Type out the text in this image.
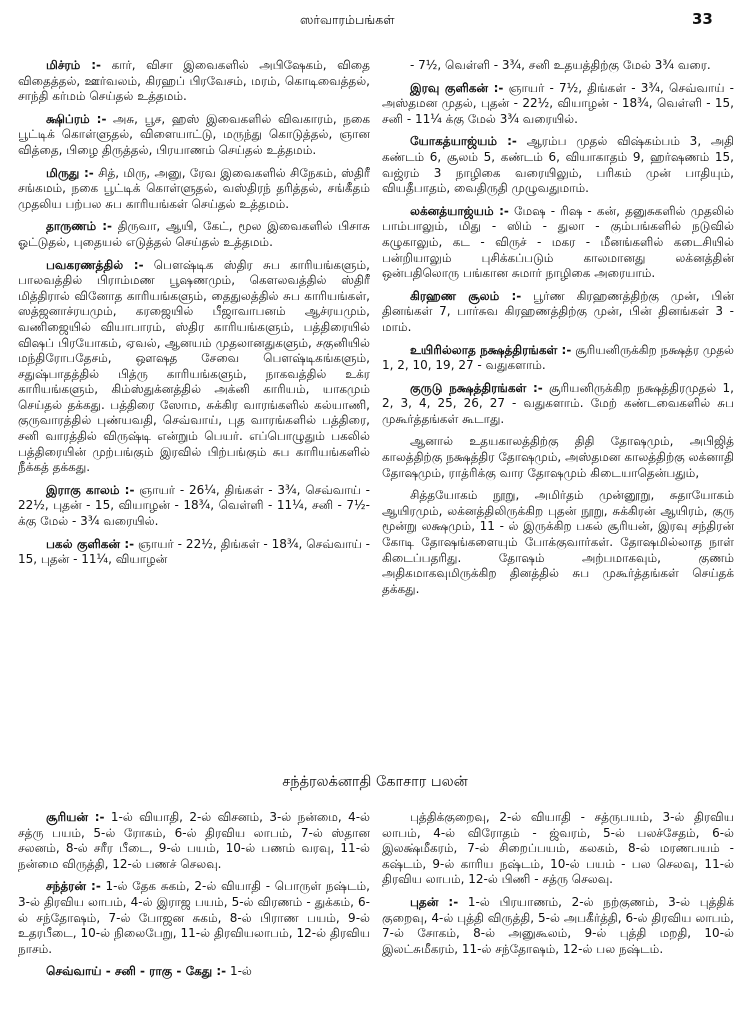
ஸர்வாரம்பங்கள்	33
மிச்ரம் :- கார், விசா இவைகளில் அபிஷேகம், விதை விதைத்தல், ஊர்வலம், கிரஹப் பிரவேசம், மரம், கொடிவைத்தல், சாந்தி கர்மம் செய்தல் உத்தமம்.
க்ஷிப்ரம் :- அசு, பூச, ஹஸ் இவைகளில் விவகாரம், நகை பூட்டிக் கொள்ளுதல், விளையாட்டு, மருந்து கொடுத்தல், ஞான வித்தை, பிழை திருத்தல், பிரயாணம் செய்தல் உத்தமம்.
மிருது :- சித், மிரு, அனு, ரேவ இவைகளில் சிநேகம், ஸ்திரீ சங்கமம், நகை பூட்டிக் கொள்ளுதல், வஸ்திரந் தரித்தல், சங்கீதம் முதலிய பற்பல சுப காரியங்கள் செய்தல் உத்தமம்.
தாருணம் :- திருவா, ஆயி, கேட், மூல இவைகளில் பிசாசு ஓட்டுதல், புதையல் எடுத்தல் செய்தல் உத்தமம்.
பவகரணத்தில் :- பௌஷ்டிக ஸ்திர சுப காரியங்களும், பாலவத்தில் பிராம்மண பூஷணமும், கௌலவத்தில் ஸ்திரீ மித்திரால் வினோத காரியங்களும், தைதுலத்தில் சுப காரியங்கள், ஸத்ஜனாச்ரயமும், கரஜையில் பீஜாவாபனம் ஆச்ரயமும், வணிஜையில் வியாபாரம், ஸ்திர காரியங்களும், பத்திரையில் விஷப் பிரயோகம், ஏவல், ஆனயம் முதலானதுகளும், சகுனியில் மந்திரோபதேசம், ஔஷத சேவை பௌஷ்டிகங்களும், சதுஷ்பாதத்தில் பித்ரு காரியங்களும், நாகவத்தில் உக்ர காரியங்களும், கிம்ஸ்துக்னத்தில் அக்னி காரியம், யாகமும் செய்தல் தக்கது. பத்திரை ஸோம, சுக்கிர வாரங்களில் கல்யாணி, குருவாரத்தில் புண்யவதி, செவ்வாய், புத வாரங்களில் பத்திரை, சனி வாரத்தில் விருஷ்டி என்றும் பெயர். எப்பொழுதும் பகலில் பத்திரையின் முற்பங்கும் இரவில் பிற்பங்கும் சுப காரியங்களில் நீக்கத் தக்கது.
இராகு காலம் :- ஞாயர் - 26¼, திங்கள் - 3¾, செவ்வாய் - 22½, புதன் - 15, வியாழன் - 18¾, வெள்ளி - 11¼, சனி - 7½-க்கு மேல் - 3¾ வரையில்.
பகல் குளிகன் :- ஞாயர் - 22½, திங்கள் - 18¾, செவ்வாய் - 15, புதன் - 11¼, வியாழன்
- 7½, வெள்ளி - 3¾, சனி உதயத்திற்கு மேல் 3¾ வரை.
இரவு குளிகன் :- ஞாயர் - 7½, திங்கள் - 3¾, செவ்வாய் - அஸ்தமன முதல், புதன் - 22½, வியாழன் - 18¾, வெள்ளி - 15, சனி - 11¼ க்கு மேல் 3¾ வரையில்.
யோகத்யாஜ்யம் :- ஆரம்ப முதல் விஷ்கம்பம் 3, அதி கண்டம் 6, சூலம் 5, கண்டம் 6, வியாகாதம் 9, ஹர்ஷணம் 15, வஜ்ரம் 3 நாழிகை வரையிலும், பரிகம் முன் பாதியும், வியதீபாதம், வைதிருதி முழுவதுமாம்.
லக்னத்யாஜ்யம் :- மேஷ - ரிஷ - கன், தனுசுகளில் முதலில் பாம்பாலும், மிது - ஸிம் - துலா - கும்பங்களில் நடுவில் கழுகாலும், கட - விருச் - மகர - மீனங்களில் கடைசியில் பன்றியாலும் புசிக்கப்படும் காலமானது லக்னத்தின் ஒன்பதிலொரு பங்கான சுமார் நாழிகை அரையாம்.
கிரஹண சூலம் :- பூர்ண கிரஹணத்திற்கு முன், பின் தினங்கள் 7, பார்சுவ கிரஹணத்திற்கு முன், பின் தினங்கள் 3 - மாம்.
உயிரில்லாத நக்ஷத்திரங்கள் :- சூரியனிருக்கிற நக்ஷத்ர முதல் 1, 2, 10, 19, 27 - வதுகளாம்.
குருடு நக்ஷத்திரங்கள் :- சூரியனிருக்கிற நக்ஷத்திரமுதல் 1, 2, 3, 4, 25, 26, 27 - வதுகளாம். மேற் கண்டவைகளில் சுப முகூர்த்தங்கள் கூடாது.
ஆனால் உதயகாலத்திற்கு திதி தோஷமும், அபிஜித் காலத்திற்கு நக்ஷத்திர தோஷமும், அஸ்தமன காலத்திற்கு லக்னாதி தோஷமும், ராத்ரிக்கு வார தோஷமும் கிடையாதென்பதும்,
சித்தயோகம் நூறு, அமிர்தம் முன்னூறு, சுதாயோகம் ஆயிரமும், லக்னத்திலிருக்கிற புதன் நூறு, சுக்கிரன் ஆயிரம், குரு மூன்று லக்ஷமும், 11 - ல் இருக்கிற பகல் சூரியன், இரவு சந்திரன் கோடி தோஷங்களையும் போக்குவார்கள். தோஷமில்லாத நாள் கிடைப்பதரிது. தோஷம் அற்பமாகவும், குணம் அதிகமாகவுமிருக்கிற தினத்தில் சுப முகூர்த்தங்கள் செய்தக் தக்கது.
சந்த்ரலக்னாதி கோசார பலன்
சூரியன் :- 1-ல் வியாதி, 2-ல் விசனம், 3-ல் நன்மை, 4-ல் சத்ரு பயம், 5-ல் ரோகம், 6-ல் திரவிய லாபம், 7-ல் ஸ்தான சலனம், 8-ல் சரீர பீடை, 9-ல் பயம், 10-ல் பணம் வரவு, 11-ல் நன்மை விருத்தி, 12-ல் பணச் செலவு.
சந்த்ரன் :- 1-ல் தேக சுகம், 2-ல் வியாதி - பொருள் நஷ்டம், 3-ல் திரவிய லாபம், 4-ல் இராஜ பயம், 5-ல் விரணம் - துக்கம், 6-ல் சந்தோஷம், 7-ல் போஜன சுகம், 8-ல் பிராண பயம், 9-ல் உதரபீடை, 10-ல் நிலைபேறு, 11-ல் திரவியலாபம், 12-ல் திரவிய நாசம்.
செவ்வாய் - சனி - ராகு - கேது :- 1-ல்
புத்திக்குறைவு, 2-ல் வியாதி - சத்ருபயம், 3-ல் திரவிய லாபம், 4-ல் விரோதம் - ஜ்வரம், 5-ல் பலச்சேதம், 6-ல் இலக்ஷ்மீகரம், 7-ல் சிறைப்பயம், கலகம், 8-ல் மரணபயம் - கஷ்டம், 9-ல் காரிய நஷ்டம், 10-ல் பயம் - பல செலவு, 11-ல் திரவிய லாபம், 12-ல் பிணி - சத்ரு செலவு.
புதன் :- 1-ல் பிரயாணம், 2-ல் நற்குணம், 3-ல் புத்திக் குறைவு, 4-ல் புத்தி விருத்தி, 5-ல் அபகீர்த்தி, 6-ல் திரவிய லாபம், 7-ல் சோகம், 8-ல் அனுகூலம், 9-ல் புத்தி மறதி, 10-ல் இலட்சுமீகரம், 11-ல் சந்தோஷம், 12-ல் பல நஷ்டம்.
